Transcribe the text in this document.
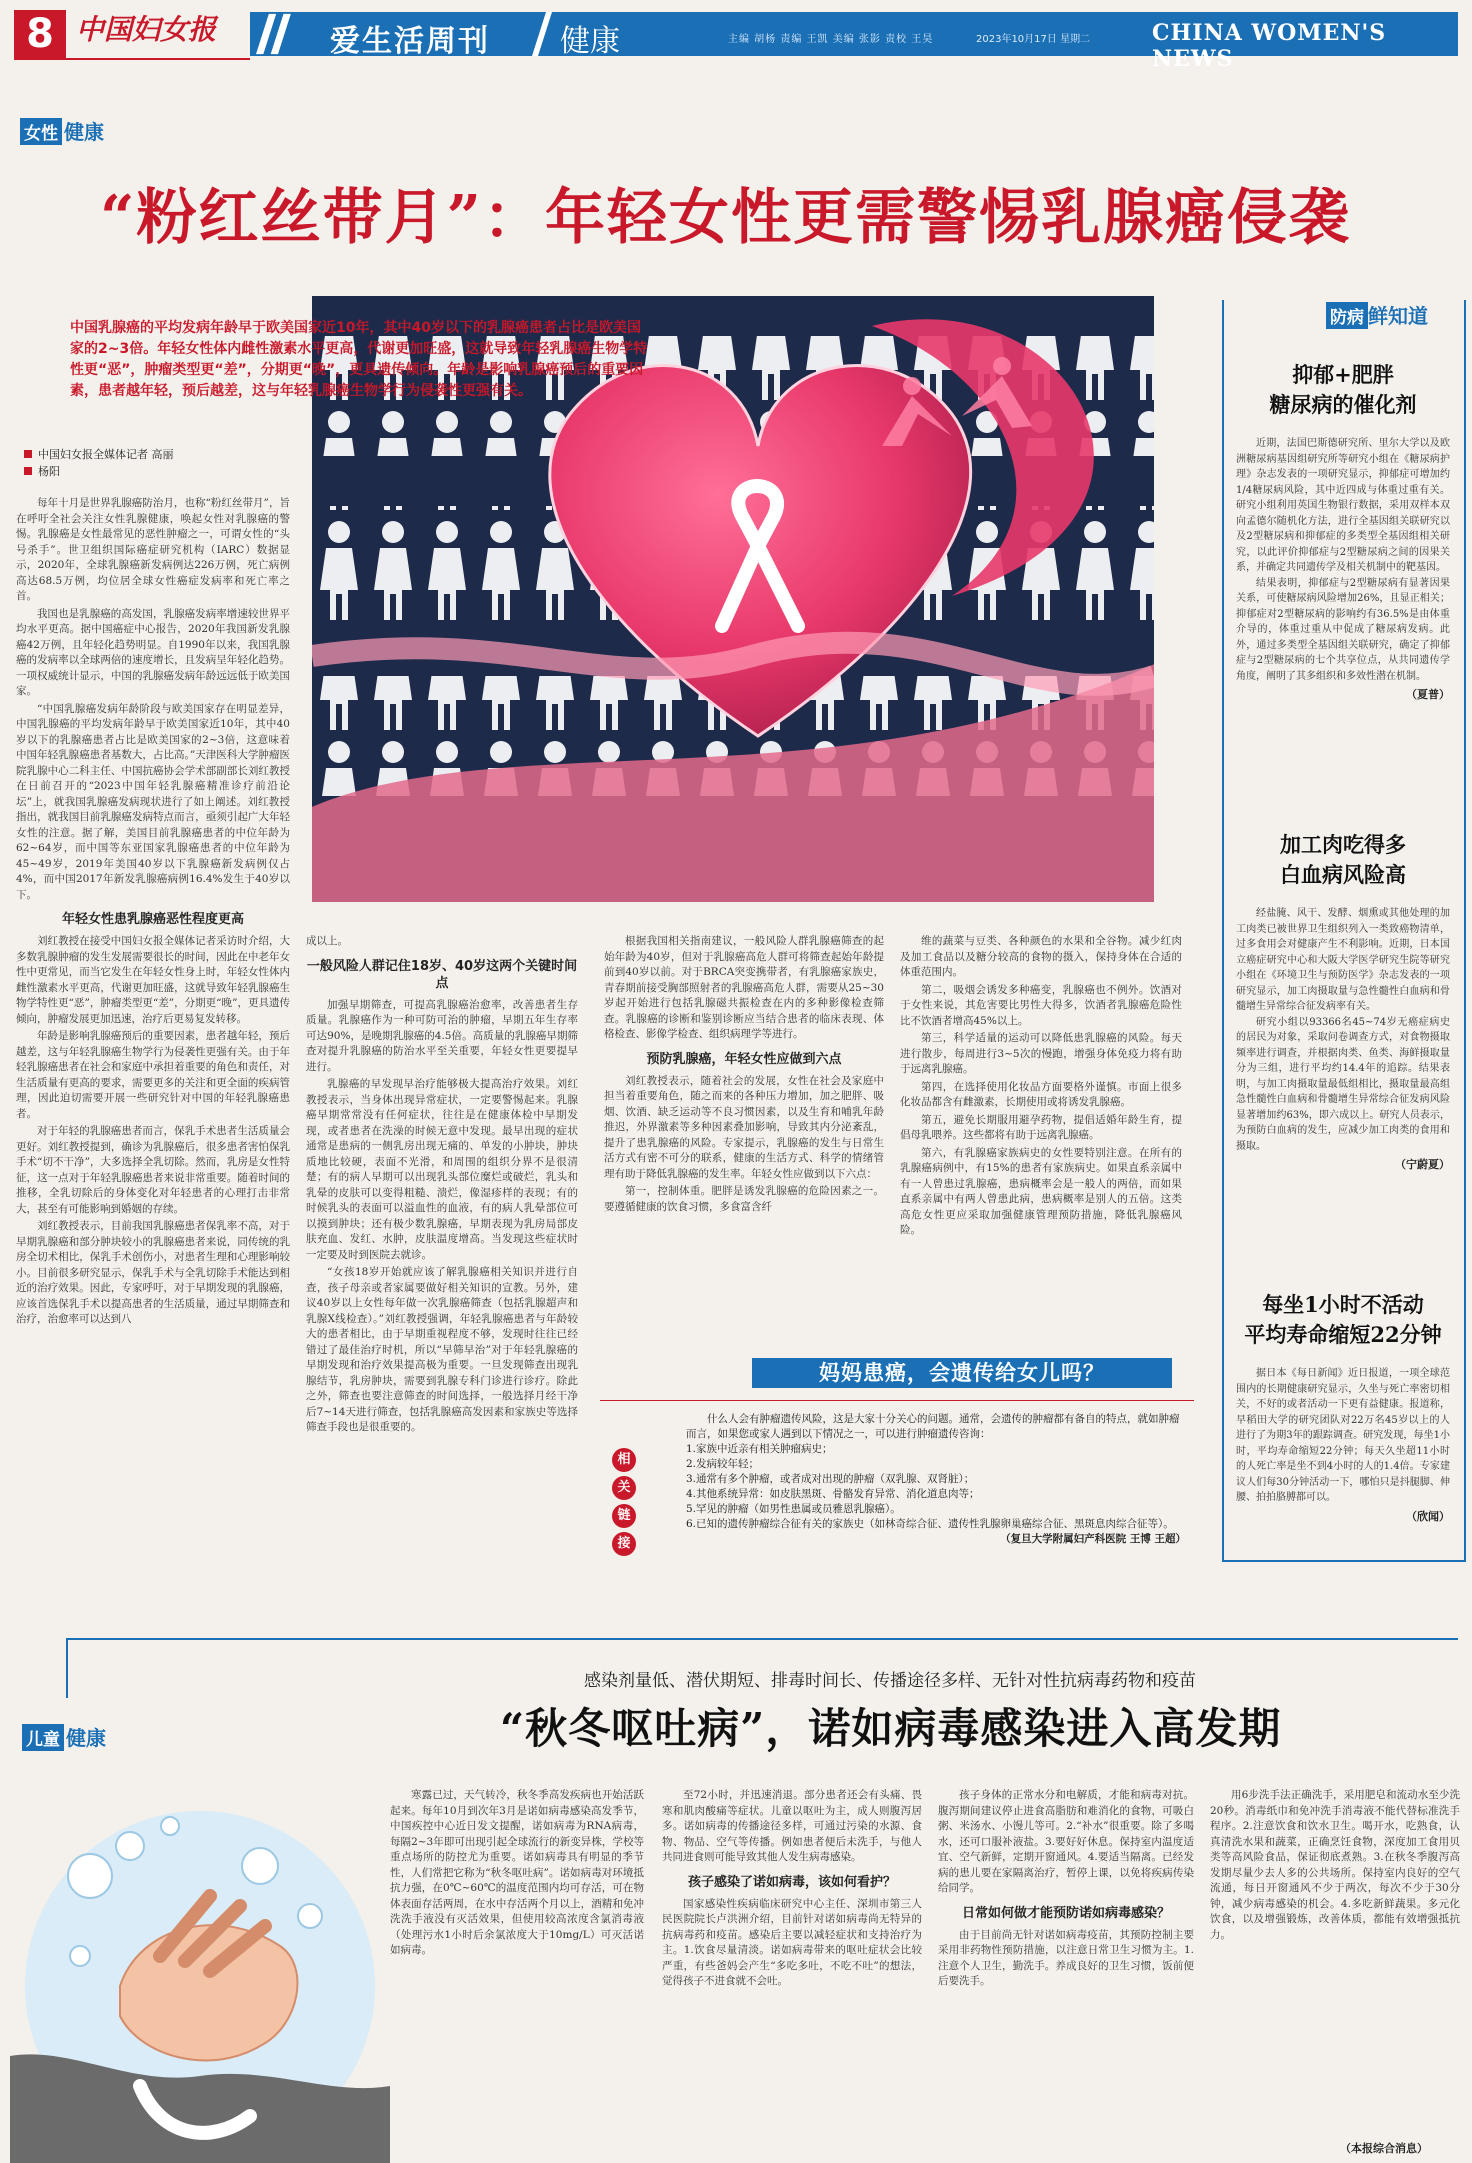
8 中国妇女报	爱生活周刊 健康	主编 胡杨 责编 王凯 美编 张影 责校 王昊	2023年10月17日 星期二	CHINA WOMEN'S NEWS
女性 健康
“粉红丝带月”：年轻女性更需警惕乳腺癌侵袭
中国乳腺癌的平均发病年龄早于欧美国家近10年，其中40岁以下的乳腺癌患者占比是欧美国家的2~3倍。年轻女性体内雌性激素水平更高，代谢更加旺盛，这就导致年轻乳腺癌生物学特性更“恶”，肿瘤类型更“差”，分期更“晚”，更具遗传倾向。年龄是影响乳腺癌预后的重要因素，患者越年轻，预后越差，这与年轻乳腺癌生物学行为侵袭性更强有关。
中国妇女报全媒体记者 高丽
杨阳

每年十月是世界乳腺癌防治月，也称“粉红丝带月”，旨在呼吁全社会关注女性乳腺健康，唤起女性对乳腺癌的警惕。乳腺癌是女性最常见的恶性肿瘤之一，可谓女性的“头号杀手”。世卫组织国际癌症研究机构（IARC）数据显示，2020年，全球乳腺癌新发病例达226万例，死亡病例高达68.5万例，均位居全球女性癌症发病率和死亡率之首。

我国也是乳腺癌的高发国，乳腺癌发病率增速较世界平均水平更高。据中国癌症中心报告，2020年我国新发乳腺癌42万例，且年轻化趋势明显。自1990年以来，我国乳腺癌的发病率以全球两倍的速度增长，且发病呈年轻化趋势。一项权威统计显示，中国的乳腺癌发病年龄远远低于欧美国家。

“中国乳腺癌发病年龄阶段与欧美国家存在明显差异，中国乳腺癌的平均发病年龄早于欧美国家近10年，其中40岁以下的乳腺癌患者占比是欧美国家的2~3倍，这意味着中国年轻乳腺癌患者基数大，占比高。”天津医科大学肿瘤医院乳腺中心二科主任、中国抗癌协会学术部副部长刘红教授在日前召开的“2023中国年轻乳腺癌精准诊疗前沿论坛”上，就我国乳腺癌发病现状进行了如上阐述。刘红教授指出，就我国目前乳腺癌发病特点而言，亟须引起广大年轻女性的注意。据了解，美国目前乳腺癌患者的中位年龄为62~64岁，而中国等东亚国家乳腺癌患者的中位年龄为45~49岁，2019年美国40岁以下乳腺癌新发病例仅占4%，而中国2017年新发乳腺癌病例16.4%发生于40岁以下。

年轻女性患乳腺癌恶性程度更高

刘红教授在接受中国妇女报全媒体记者采访时介绍，大多数乳腺肿瘤的发生发展需要很长的时间，因此在中老年女性中更常见，而当它发生在年轻女性身上时，年轻女性体内雌性激素水平更高，代谢更加旺盛，这就导致年轻乳腺癌生物学特性更“恶”，肿瘤类型更“差”，分期更“晚”，更具遗传倾向，肿瘤发展更加迅速，治疗后更易复发转移。

年龄是影响乳腺癌预后的重要因素，患者越年轻，预后越差，这与年轻乳腺癌生物学行为侵袭性更强有关。由于年轻乳腺癌患者在社会和家庭中承担着重要的角色和责任，对生活质量有更高的要求，需要更多的关注和更全面的疾病管理，因此迫切需要开展一些研究针对中国的年轻乳腺癌患者。

对于年轻的乳腺癌患者而言，保乳手术患者生活质量会更好。刘红教授提到，确诊为乳腺癌后，很多患者害怕保乳手术“切不干净”，大多选择全乳切除。然而，乳房是女性特征，这一点对于年轻乳腺癌患者来说非常重要。随着时间的推移，全乳切除后的身体变化对年轻患者的心理打击非常大，甚至有可能影响到婚姻的存续。

刘红教授表示，目前我国乳腺癌患者保乳率不高，对于早期乳腺癌和部分肿块较小的乳腺癌患者来说，同传统的乳房全切术相比，保乳手术创伤小，对患者生理和心理影响较小。目前很多研究显示，保乳手术与全乳切除手术能达到相近的治疗效果。因此，专家呼吁，对于早期发现的乳腺癌，应该首选保乳手术以提高患者的生活质量，通过早期筛查和治疗，治愈率可以达到八

成以上。

一般风险人群记住18岁、40岁这两个关键时间点

加强早期筛查，可提高乳腺癌治愈率，改善患者生存质量。乳腺癌作为一种可防可治的肿瘤，早期五年生存率可达90%，是晚期乳腺癌的4.5倍。高质量的乳腺癌早期筛查对提升乳腺癌的防治水平至关重要，年轻女性更要提早进行。

乳腺癌的早发现早治疗能够极大提高治疗效果。刘红教授表示，当身体出现异常症状，一定要警惕起来。乳腺癌早期常常没有任何症状，往往是在健康体检中早期发现，或者患者在洗澡的时候无意中发现。最早出现的症状通常是患病的一侧乳房出现无痛的、单发的小肿块，肿块质地比较硬，表面不光滑，和周围的组织分界不是很清楚；有的病人早期可以出现乳头部位糜烂或破烂，乳头和乳晕的皮肤可以变得粗糙、溃烂，像湿疹样的表现；有的时候乳头的表面可以溢血性的血液，有的病人乳晕部位可以摸到肿块；还有极少数乳腺癌，早期表现为乳房局部皮肤充血、发红、水肿，皮肤温度增高。当发现这些症状时一定要及时到医院去就诊。

“女孩18岁开始就应该了解乳腺癌相关知识并进行自查，孩子母亲或者家属要做好相关知识的宣教。另外，建议40岁以上女性每年做一次乳腺癌筛查（包括乳腺超声和乳腺X线检查）。”刘红教授强调，年轻乳腺癌患者与年龄较大的患者相比，由于早期重视程度不够，发现时往往已经错过了最佳治疗时机，所以“早筛早治”对于年轻乳腺癌的早期发现和治疗效果提高极为重要。一旦发现筛查出现乳腺结节，乳房肿块，需要到乳腺专科门诊进行诊疗。除此之外，筛查也要注意筛查的时间选择，一般选择月经干净后7~14天进行筛查，包括乳腺癌高发因素和家族史等选择筛查手段也是很重要的。

根据我国相关指南建议，一般风险人群乳腺癌筛查的起始年龄为40岁，但对于乳腺癌高危人群可将筛查起始年龄提前到40岁以前。对于BRCA突变携带者，有乳腺癌家族史，青春期前接受胸部照射者的乳腺癌高危人群，需要从25~30岁起开始进行包括乳腺磁共振检查在内的多种影像检查筛查。乳腺癌的诊断和鉴别诊断应当结合患者的临床表现、体格检查、影像学检查、组织病理学等进行。

预防乳腺癌，年轻女性应做到六点

刘红教授表示，随着社会的发展，女性在社会及家庭中担当着重要角色，随之而来的各种压力增加，加之肥胖、吸烟、饮酒、缺乏运动等不良习惯因素，以及生育和哺乳年龄推迟，外界激素等多种因素叠加影响，导致其内分泌紊乱，提升了患乳腺癌的风险。专家提示，乳腺癌的发生与日常生活方式有密不可分的联系，健康的生活方式、科学的情绪管理有助于降低乳腺癌的发生率。年轻女性应做到以下六点：

第一，控制体重。肥胖是诱发乳腺癌的危险因素之一。要遵循健康的饮食习惯，多食富含纤

维的蔬菜与豆类、各种颜色的水果和全谷物。减少红肉及加工食品以及糖分较高的食物的摄入，保持身体在合适的体重范围内。

第二，吸烟会诱发多种癌变，乳腺癌也不例外。饮酒对于女性来说，其危害要比男性大得多，饮酒者乳腺癌危险性比不饮酒者增高45%以上。

第三，科学适量的运动可以降低患乳腺癌的风险。每天进行散步，每周进行3~5次的慢跑，增强身体免疫力将有助于远离乳腺癌。

第四，在选择使用化妆品方面要格外谨慎。市面上很多化妆品都含有雌激素，长期使用或将诱发乳腺癌。

第五，避免长期服用避孕药物，提倡适婚年龄生育，提倡母乳喂养。这些都将有助于远离乳腺癌。

第六，有乳腺癌家族病史的女性要特别注意。在所有的乳腺癌病例中，有15%的患者有家族病史。如果直系亲属中有一人曾患过乳腺癌，患病概率会是一般人的两倍，而如果直系亲属中有两人曾患此病，患病概率是别人的五倍。这类高危女性更应采取加强健康管理预防措施，降低乳腺癌风险。

妈妈患癌，会遗传给女儿吗？
相
关
链
接

什么人会有肿瘤遗传风险，这是大家十分关心的问题。通常，会遗传的肿瘤都有备自的特点，就如肿瘤而言，如果您或家人遇到以下情况之一，可以进行肿瘤遗传咨询：

1.家族中近亲有相关肿瘤病史；

2.发病较年轻；

3.通常有多个肿瘤，或者成对出现的肿瘤（双乳腺、双肾脏）；

4.其他系统异常：如皮肤黑斑、骨骼发育异常、消化道息肉等；

5.罕见的肿瘤（如男性患属或员雅恩乳腺癌）。

6.已知的遗传肿瘤综合征有关的家族史（如林奇综合征、遗传性乳腺卵巢癌综合征、黑斑息肉综合征等）。

（复旦大学附属妇产科医院 王博 王超）

防病 鲜知道
抑郁+肥胖
糖尿病的催化剂

近期，法国巴斯德研究所、里尔大学以及欧洲糖尿病基因组研究所等研究小组在《糖尿病护理》杂志发表的一项研究显示，抑郁症可增加约1/4糖尿病风险，其中近四成与体重过重有关。研究小组利用英国生物银行数据，采用双样本双向孟德尔随机化方法，进行全基因组关联研究以及2型糖尿病和抑郁症的多类型全基因组相关研究，以此评价抑郁症与2型糖尿病之间的因果关系，并确定共同遗传学及相关机制中的靶基因。

结果表明，抑郁症与2型糖尿病有显著因果关系，可使糖尿病风险增加26%，且显正相关；抑郁症对2型糖尿病的影响约有36.5%是由体重介导的，体重过重从中促成了糖尿病发病。此外，通过多类型全基因组关联研究，确定了抑郁症与2型糖尿病的七个共享位点，从共同遗传学角度，阐明了其多组织和多效性潜在机制。

（夏普）
加工肉吃得多
白血病风险高

经盐腌、风干、发酵、烟熏或其他处理的加工肉类已被世界卫生组织列入一类致癌物清单，过多食用会对健康产生不利影响。近期，日本国立癌症研究中心和大阪大学医学研究生院等研究小组在《环境卫生与预防医学》杂志发表的一项研究显示，加工肉摄取量与急性髓性白血病和骨髓增生异常综合征发病率有关。

研究小组以93366名45~74岁无癌症病史的居民为对象，采取问卷调查方式，对食物摄取频率进行调查，并根据肉类、鱼类、海鲜摄取量分为三组，进行平均约14.4年的追踪。结果表明，与加工肉摄取量最低组相比，摄取量最高组急性髓性白血病和骨髓增生异常综合征发病风险显著增加约63%，即六成以上。研究人员表示，为预防白血病的发生，应减少加工肉类的食用和摄取。

（宁蔚夏）
每坐1小时不活动
平均寿命缩短22分钟

据日本《每日新闻》近日报道，一项全球范围内的长期健康研究显示，久坐与死亡率密切相关，不好的或者活动一下更有益健康。报道称，早稻田大学的研究团队对22万名45岁以上的人进行了为期3年的跟踪调查。研究发现，每坐1小时，平均寿命缩短22分钟；每天久坐超11小时的人死亡率是坐不到4小时的人的1.4倍。专家建议人们每30分钟活动一下，哪怕只是抖腿脚、伸腰、拍拍胳膊都可以。

（欣闻）
儿童 健康
感染剂量低、潜伏期短、排毒时间长、传播途径多样、无针对性抗病毒药物和疫苗
“秋冬呕吐病”，诺如病毒感染进入高发期

寒露已过，天气转冷，秋冬季高发疾病也开始活跃起来。每年10月到次年3月是诺如病毒感染高发季节，中国疾控中心近日发文提醒，诺如病毒为RNA病毒，每隔2~3年即可出现引起全球流行的新变异株，学校等重点场所的防控尤为重要。诺如病毒具有明显的季节性，人们常把它称为“秋冬呕吐病”。诺如病毒对环境抵抗力强，在0℃~60℃的温度范围内均可存活，可在物体表面存活两周，在水中存活两个月以上，酒精和免冲洗洗手液没有灭活效果，但使用较高浓度含氯消毒液（处理污水1小时后余氯浓度大于10mg/L）可灭活诺如病毒。

至72小时，并迅速消退。部分患者还会有头痛、畏寒和肌肉酸痛等症状。儿童以呕吐为主，成人则腹泻居多。诺如病毒的传播途径多样，可通过污染的水源、食物、物品、空气等传播。例如患者便后未洗手，与他人共同进食则可能导致其他人发生病毒感染。

孩子感染了诺如病毒，该如何看护？

国家感染性疾病临床研究中心主任、深圳市第三人民医院院长卢洪洲介绍，目前针对诺如病毒尚无特异的抗病毒药和疫苗。感染后主要以减轻症状和支持治疗为主。1.饮食尽量清淡。诺如病毒带来的呕吐症状会比较严重，有些爸妈会产生“多吃多吐，不吃不吐”的想法，觉得孩子不进食就不会吐。

孩子身体的正常水分和电解质，才能和病毒对抗。腹泻期间建议停止进食高脂肪和难消化的食物，可吸白粥、米汤水、小馒儿等可。2.“补水”很重要。除了多喝水，还可口服补液盐。3.要好好休息。保持室内温度适宜、空气新鲜，定期开窗通风。4.要适当隔离。已经发病的患儿要在家隔离治疗，暂停上课，以免将疾病传染给同学。

日常如何做才能预防诺如病毒感染？

由于目前尚无针对诺如病毒疫苗，其预防控制主要采用非药物性预防措施，以注意日常卫生习惯为主。1.注意个人卫生，勤洗手。养成良好的卫生习惯，饭前便后要洗手。

用6步洗手法正确洗手，采用肥皂和流动水至少洗20秒。消毒纸巾和免冲洗手消毒液不能代替标准洗手程序。2.注意饮食和饮水卫生。喝开水，吃熟食，认真清洗水果和蔬菜，正确烹饪食物，深度加工食用贝类等高风险食品，保证彻底煮熟。3.在秋冬季腹泻高发期尽量少去人多的公共场所。保持室内良好的空气流通，每日开窗通风不少于两次，每次不少于30分钟，减少病毒感染的机会。4.多吃新鲜蔬果。多元化饮食，以及增强锻炼，改善体质，都能有效增强抵抗力。

（本报综合消息）
